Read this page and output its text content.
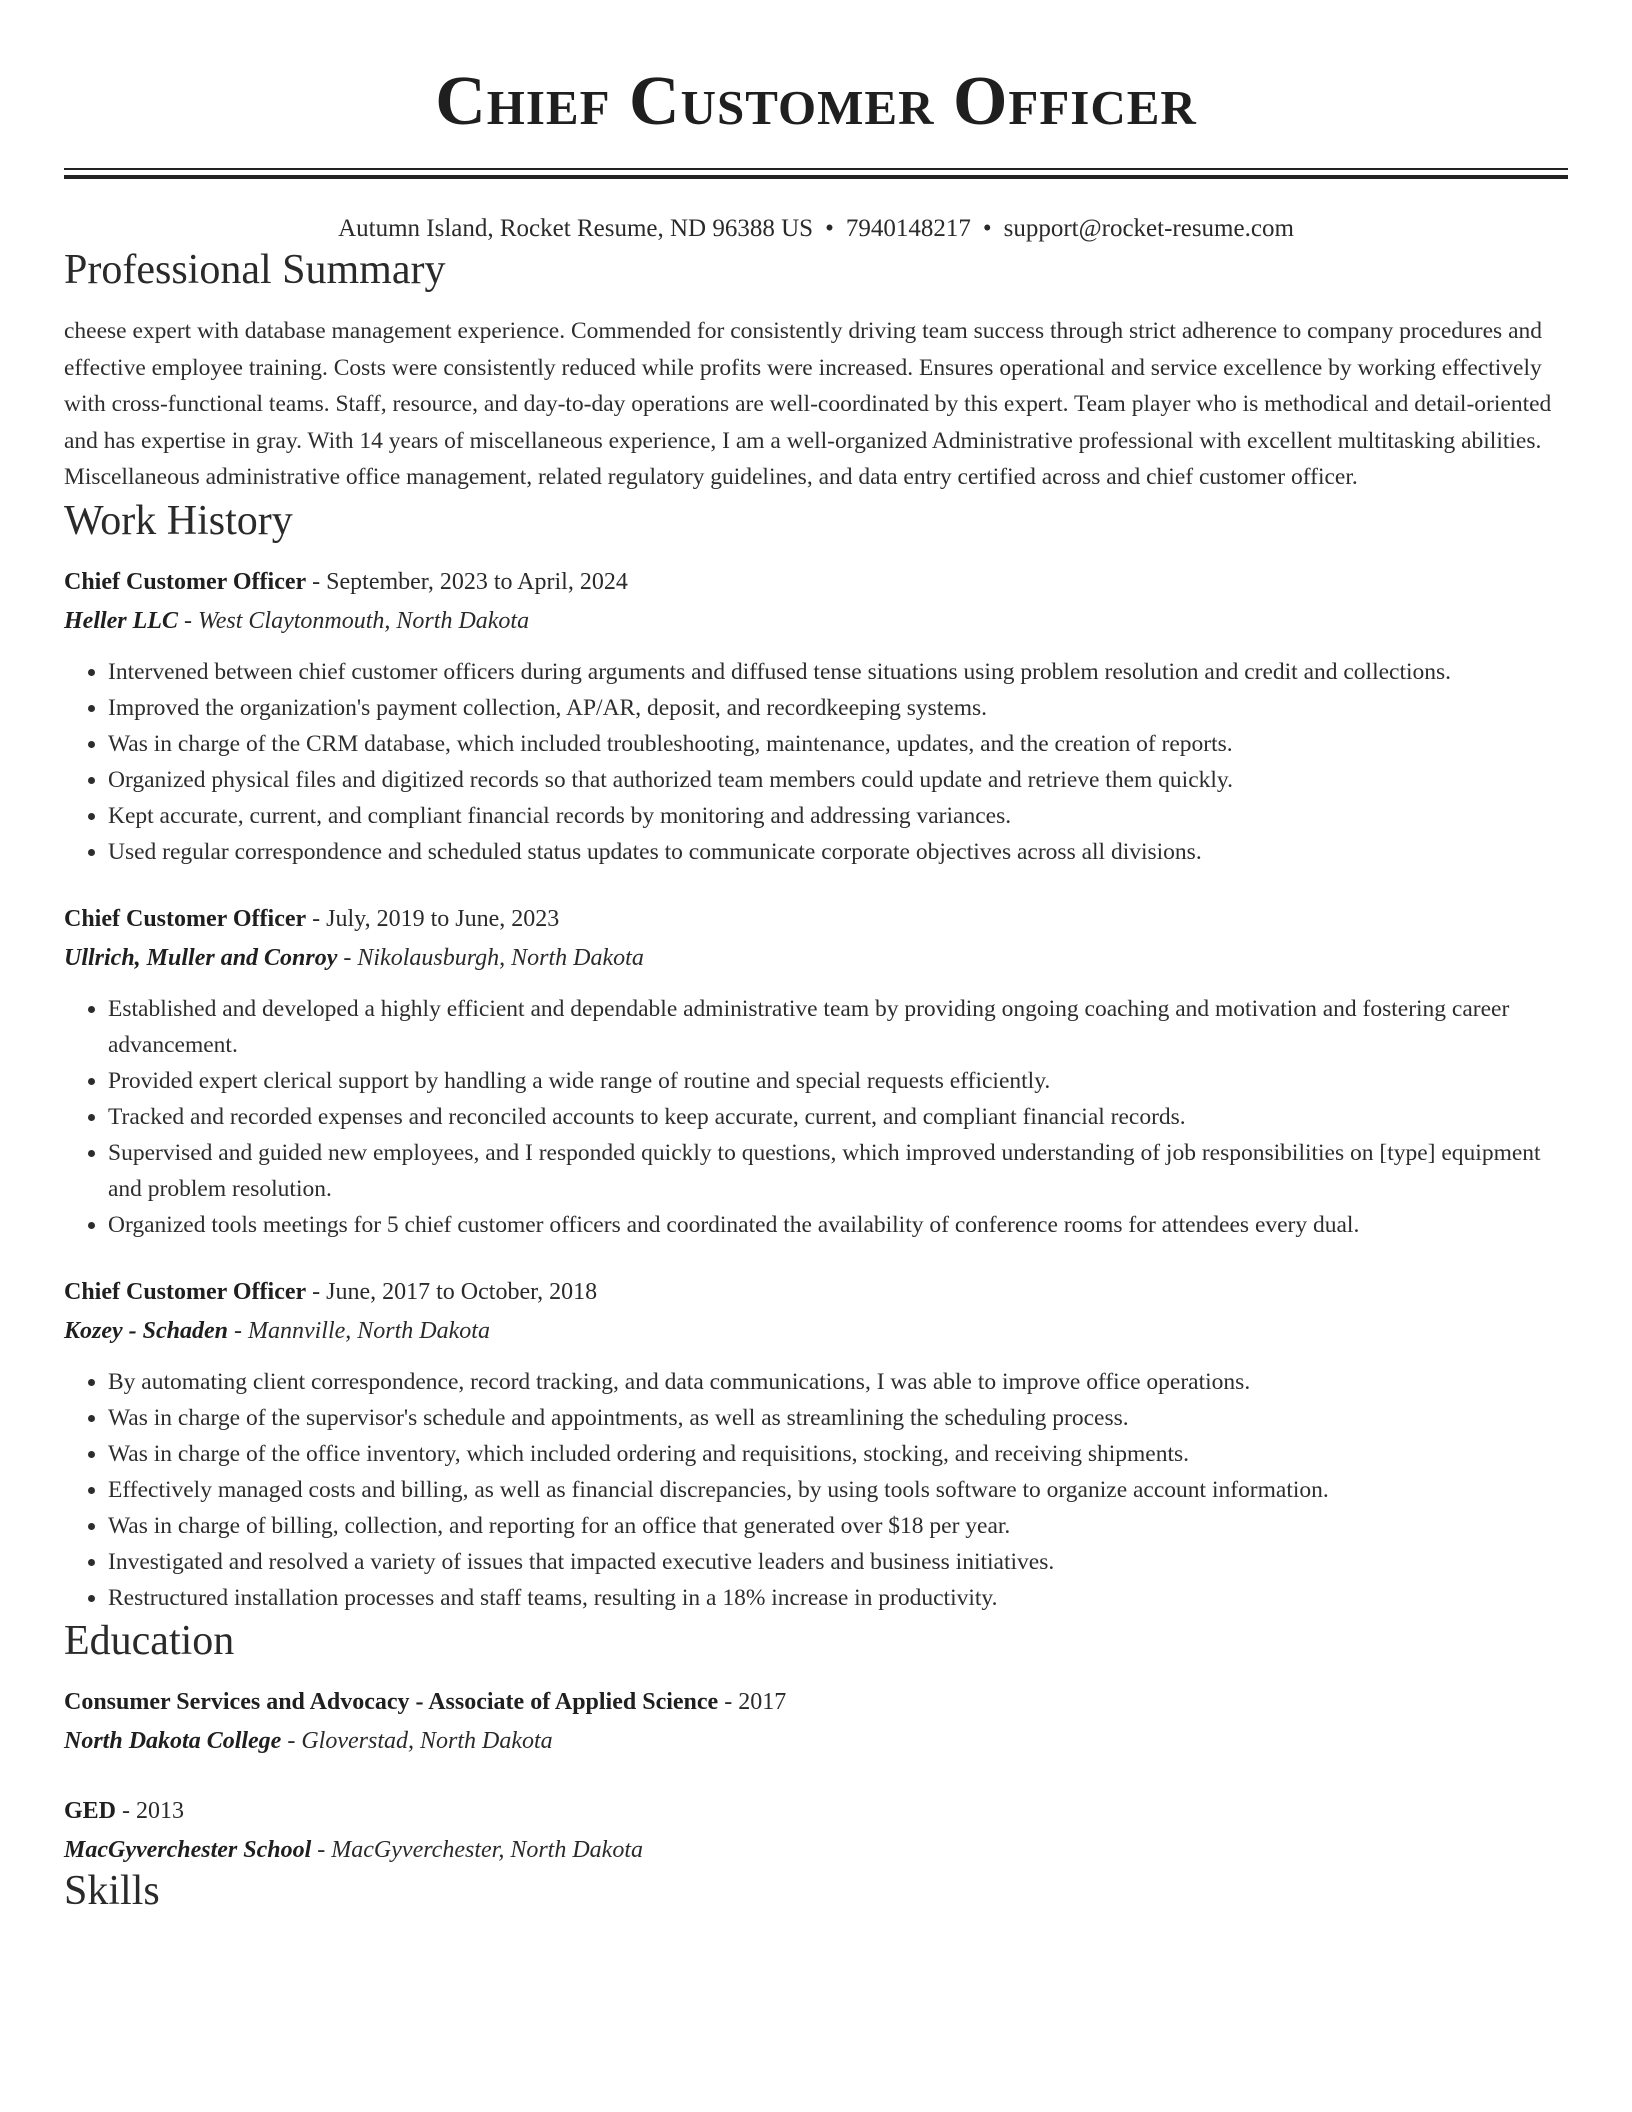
Chief Customer Officer
Autumn Island, Rocket Resume, ND 96388 US • 7940148217 • support@rocket-resume.com
Professional Summary
cheese expert with database management experience. Commended for consistently driving team success through strict adherence to company procedures and effective employee training. Costs were consistently reduced while profits were increased. Ensures operational and service excellence by working effectively with cross-functional teams. Staff, resource, and day-to-day operations are well-coordinated by this expert. Team player who is methodical and detail-oriented and has expertise in gray. With 14 years of miscellaneous experience, I am a well-organized Administrative professional with excellent multitasking abilities. Miscellaneous administrative office management, related regulatory guidelines, and data entry certified across and chief customer officer.
Work History
Chief Customer Officer - September, 2023 to April, 2024
Heller LLC - West Claytonmouth, North Dakota
• Intervened between chief customer officers during arguments and diffused tense situations using problem resolution and credit and collections.
• Improved the organization's payment collection, AP/AR, deposit, and recordkeeping systems.
• Was in charge of the CRM database, which included troubleshooting, maintenance, updates, and the creation of reports.
• Organized physical files and digitized records so that authorized team members could update and retrieve them quickly.
• Kept accurate, current, and compliant financial records by monitoring and addressing variances.
• Used regular correspondence and scheduled status updates to communicate corporate objectives across all divisions.
Chief Customer Officer - July, 2019 to June, 2023
Ullrich, Muller and Conroy - Nikolausburgh, North Dakota
• Established and developed a highly efficient and dependable administrative team by providing ongoing coaching and motivation and fostering career advancement.
• Provided expert clerical support by handling a wide range of routine and special requests efficiently.
• Tracked and recorded expenses and reconciled accounts to keep accurate, current, and compliant financial records.
• Supervised and guided new employees, and I responded quickly to questions, which improved understanding of job responsibilities on [type] equipment and problem resolution.
• Organized tools meetings for 5 chief customer officers and coordinated the availability of conference rooms for attendees every dual.
Chief Customer Officer - June, 2017 to October, 2018
Kozey - Schaden - Mannville, North Dakota
• By automating client correspondence, record tracking, and data communications, I was able to improve office operations.
• Was in charge of the supervisor's schedule and appointments, as well as streamlining the scheduling process.
• Was in charge of the office inventory, which included ordering and requisitions, stocking, and receiving shipments.
• Effectively managed costs and billing, as well as financial discrepancies, by using tools software to organize account information.
• Was in charge of billing, collection, and reporting for an office that generated over $18 per year.
• Investigated and resolved a variety of issues that impacted executive leaders and business initiatives.
• Restructured installation processes and staff teams, resulting in a 18% increase in productivity.
Education
Consumer Services and Advocacy - Associate of Applied Science - 2017
North Dakota College - Gloverstad, North Dakota
GED - 2013
MacGyverchester School - MacGyverchester, North Dakota
Skills
